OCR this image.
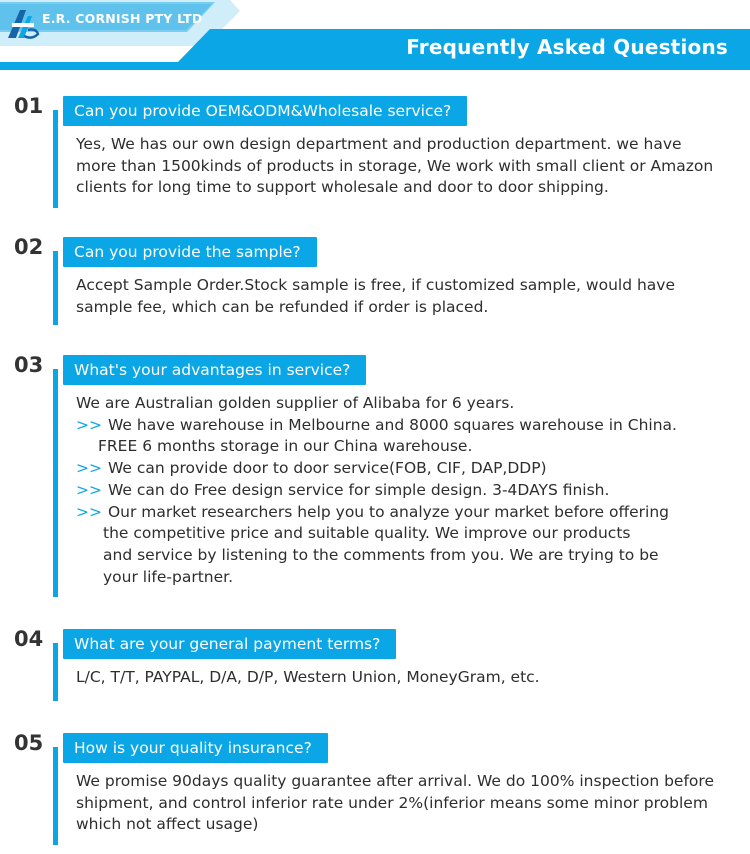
E.R. CORNISH PTY LTD
Frequently Asked Questions
01	Can you provide OEM&ODM&Wholesale service?

Yes, We has our own design department and production department. we have

more than 1500kinds of products in storage, We work with small client or Amazon

clients for long time to support wholesale and door to door shipping.

02	Can you provide the sample?

Accept Sample Order.Stock sample is free, if customized sample, would have

sample fee, which can be refunded if order is placed.

03	What's your advantages in service?

We are Australian golden supplier of Alibaba for 6 years.

>> We have warehouse in Melbourne and 8000 squares warehouse in China.

FREE 6 months storage in our China warehouse.

>> We can provide door to door service(FOB, CIF, DAP,DDP)

>> We can do Free design service for simple design. 3-4DAYS finish.

>> Our market researchers help you to analyze your market before offering

the competitive price and suitable quality. We improve our products

and service by listening to the comments from you. We are trying to be

your life-partner.

04	What are your general payment terms?

L/C, T/T, PAYPAL, D/A, D/P, Western Union, MoneyGram, etc.

05	How is your quality insurance?

We promise 90days quality guarantee after arrival. We do 100% inspection before

shipment, and control inferior rate under 2%(inferior means some minor problem

which not affect usage)
